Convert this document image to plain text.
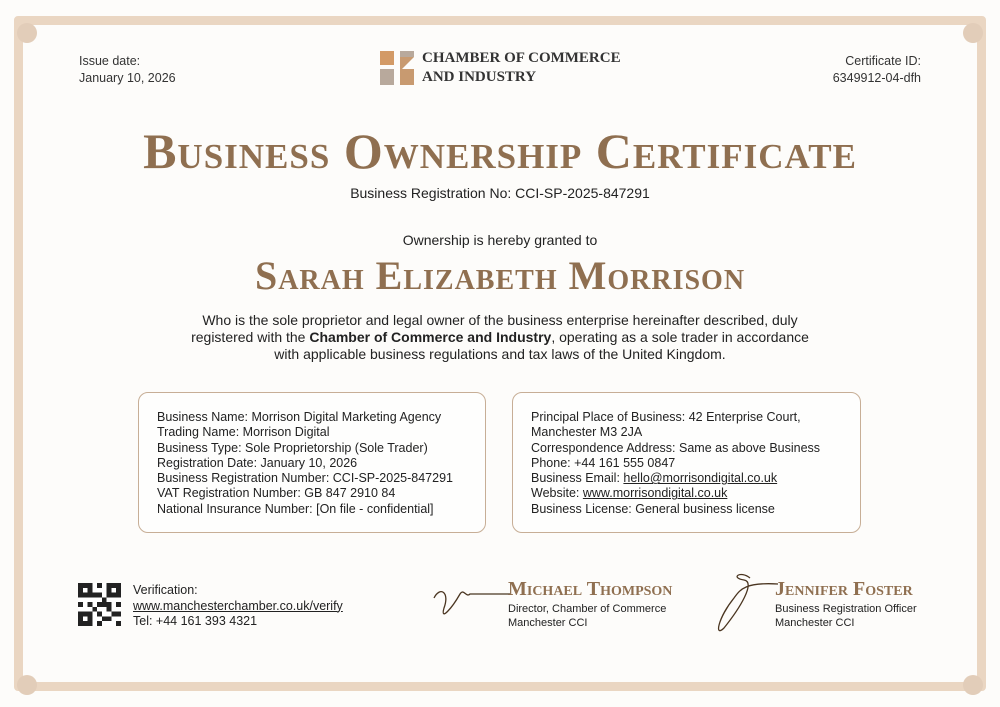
Issue date:
January 10, 2026
CHAMBER OF COMMERCE
AND INDUSTRY
Certificate ID:
6349912-04-dfh
Business Ownership Certificate
Business Registration No: CCI-SP-2025-847291
Ownership is hereby granted to
Sarah Elizabeth Morrison
Who is the sole proprietor and legal owner of the business enterprise hereinafter described, duly registered with the Chamber of Commerce and Industry, operating as a sole trader in accordance with applicable business regulations and tax laws of the United Kingdom.
Business Name: Morrison Digital Marketing Agency
Trading Name: Morrison Digital
Business Type: Sole Proprietorship (Sole Trader)
Registration Date: January 10, 2026
Business Registration Number: CCI-SP-2025-847291
VAT Registration Number: GB 847 2910 84
National Insurance Number: [On file - confidential]
Principal Place of Business: 42 Enterprise Court,
Manchester M3 2JA
Correspondence Address: Same as above Business
Phone: +44 161 555 0847
Business Email: hello@morrisondigital.co.uk
Website: www.morrisondigital.co.uk
Business License: General business license
Verification:
www.manchesterchamber.co.uk/verify
Tel: +44 161 393 4321
Michael Thompson
Director, Chamber of Commerce
Manchester CCI
Jennifer Foster
Business Registration Officer
Manchester CCI
